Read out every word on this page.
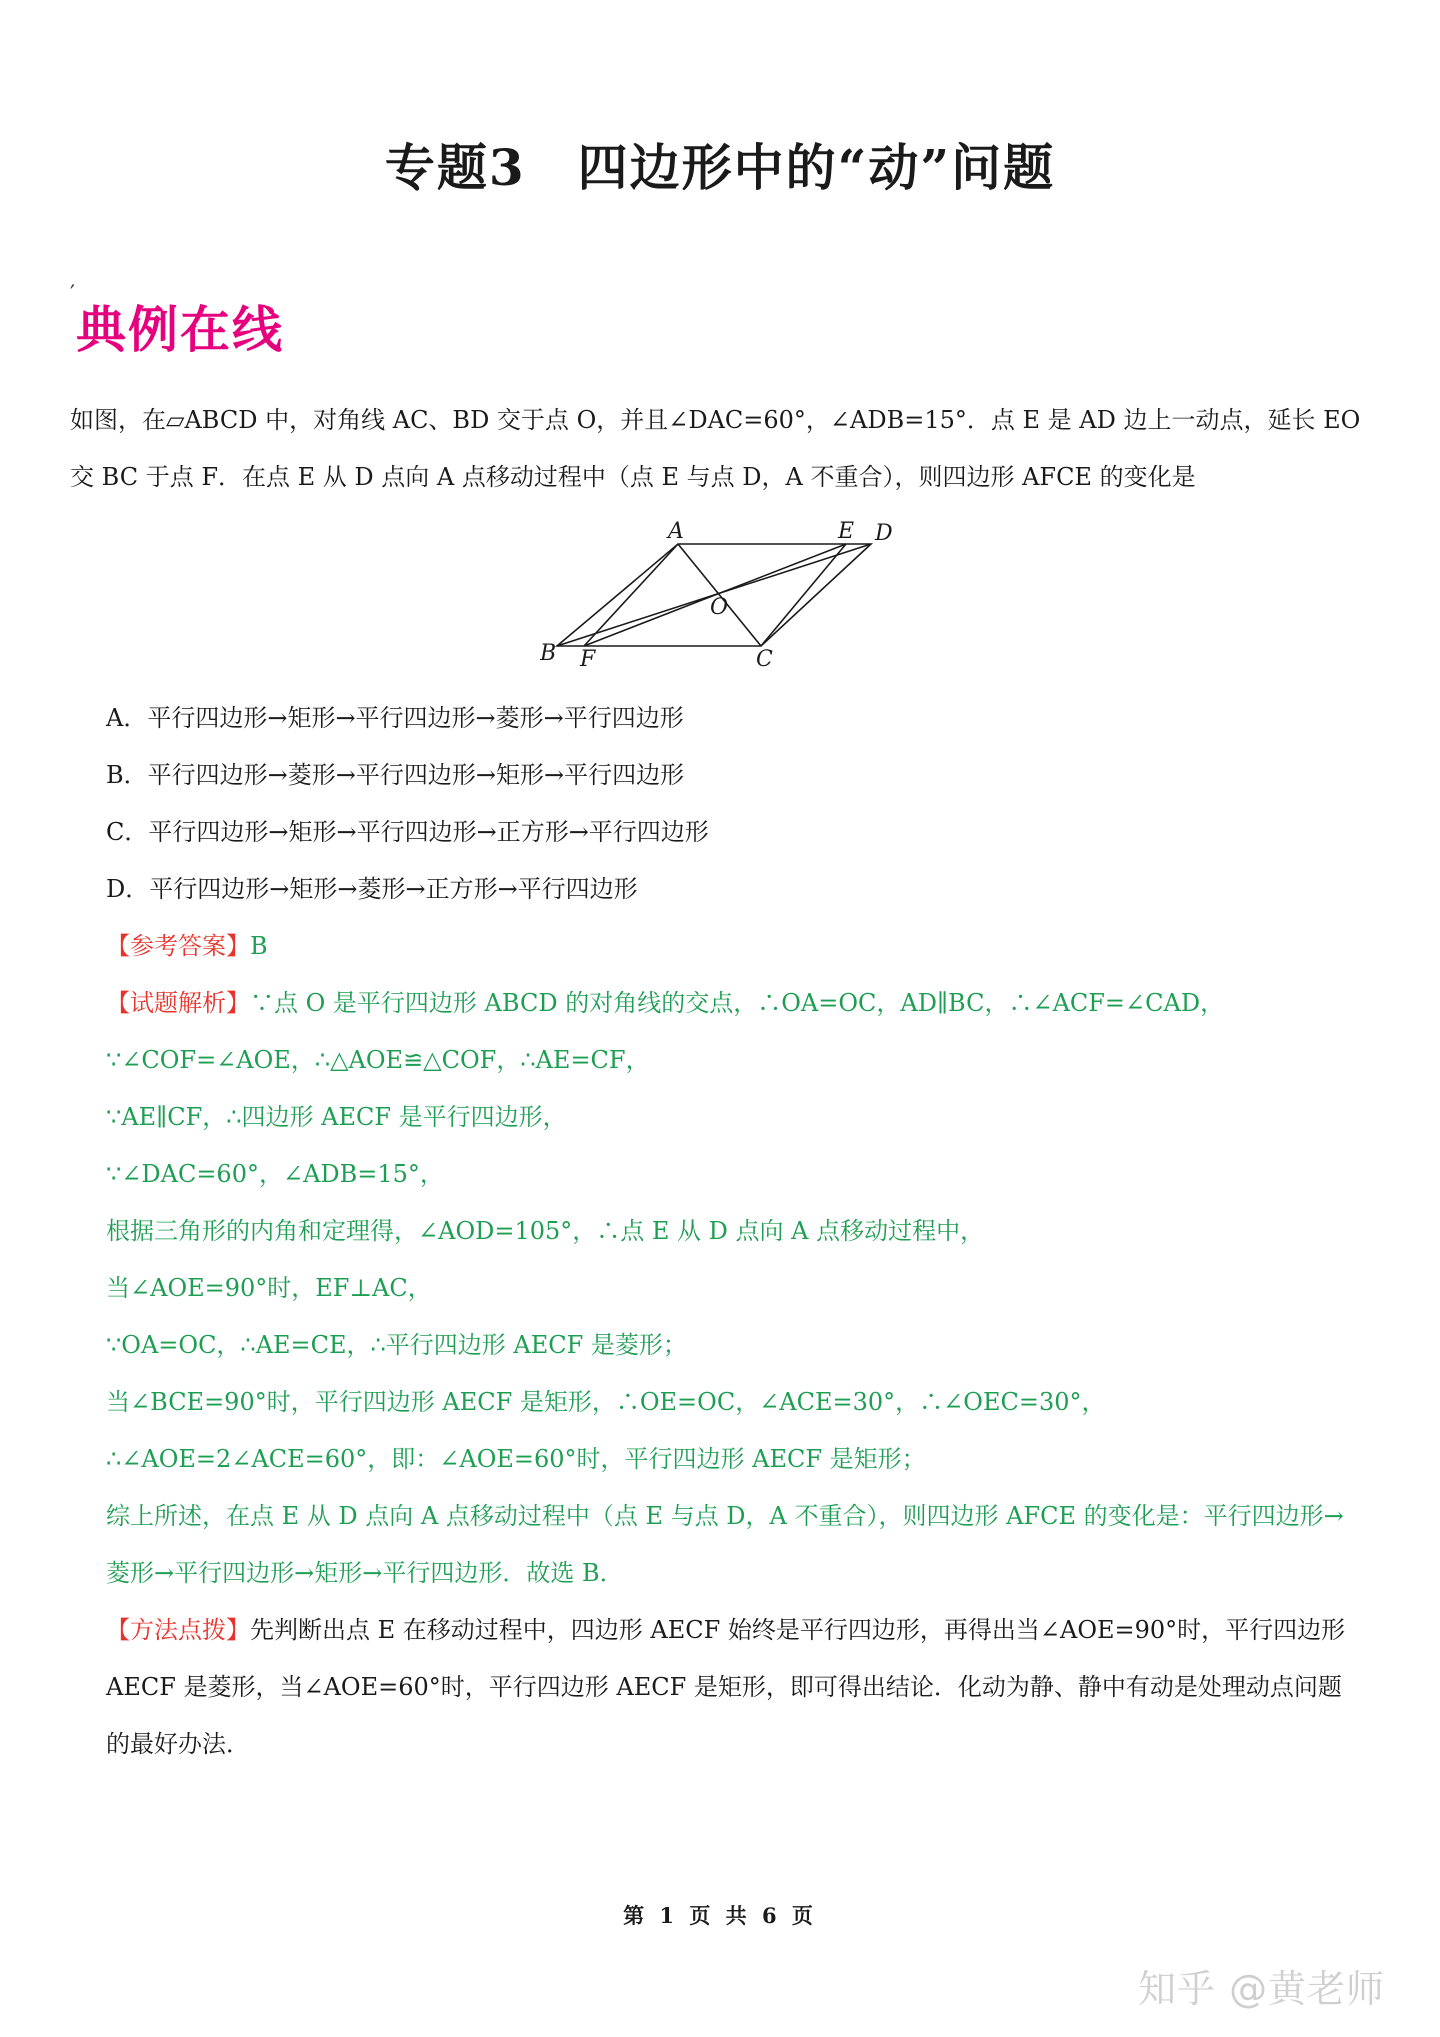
专题3　四边形中的“动”问题
′
典例在线
如图，在▱ABCD 中，对角线 AC、BD 交于点 O，并且∠DAC=60°，∠ADB=15°．点 E 是 AD 边上一动点，延长 EO
交 BC 于点 F．在点 E 从 D 点向 A 点移动过程中（点 E 与点 D，A 不重合），则四边形 AFCE 的变化是
A	E D
O
B F	C
A．平行四边形→矩形→平行四边形→菱形→平行四边形
B．平行四边形→菱形→平行四边形→矩形→平行四边形
C．平行四边形→矩形→平行四边形→正方形→平行四边形
D．平行四边形→矩形→菱形→正方形→平行四边形
【参考答案】B
【试题解析】∵点 O 是平行四边形 ABCD 的对角线的交点，∴OA=OC，AD∥BC，∴∠ACF=∠CAD，
∵∠COF=∠AOE，∴△AOE≌△COF，∴AE=CF，
∵AE∥CF，∴四边形 AECF 是平行四边形，
∵∠DAC=60°，∠ADB=15°，
根据三角形的内角和定理得，∠AOD=105°，∴点 E 从 D 点向 A 点移动过程中，
当∠AOE=90°时，EF⊥AC，
∵OA=OC，∴AE=CE，∴平行四边形 AECF 是菱形；
当∠BCE=90°时，平行四边形 AECF 是矩形，∴OE=OC，∠ACE=30°，∴∠OEC=30°，
∴∠AOE=2∠ACE=60°，即：∠AOE=60°时，平行四边形 AECF 是矩形；
综上所述，在点 E 从 D 点向 A 点移动过程中（点 E 与点 D，A 不重合），则四边形 AFCE 的变化是：平行四边形→
菱形→平行四边形→矩形→平行四边形．故选 B．
【方法点拨】先判断出点 E 在移动过程中，四边形 AECF 始终是平行四边形，再得出当∠AOE=90°时，平行四边形
AECF 是菱形，当∠AOE=60°时，平行四边形 AECF 是矩形，即可得出结论．化动为静、静中有动是处理动点问题
的最好办法．
第 1 页 共 6 页
知乎 @黄老师
